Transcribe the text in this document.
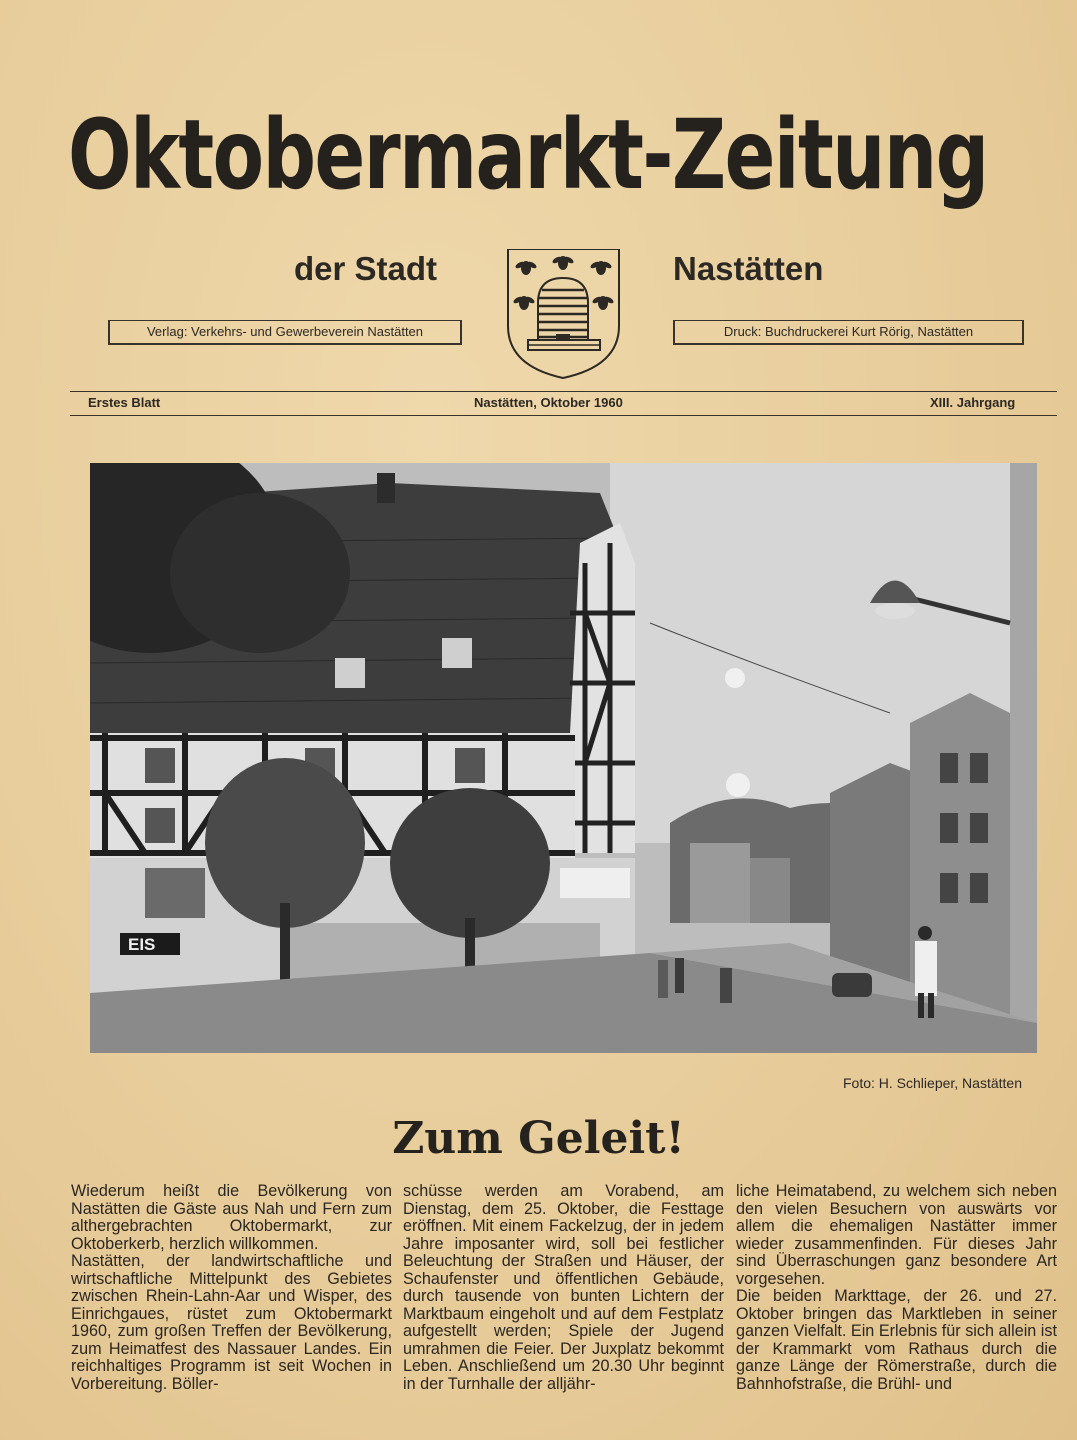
Oktobermarkt-Zeitung
der Stadt	Nastätten
Verlag: Verkehrs- und Gewerbeverein Nastätten	Druck: Buchdruckerei Kurt Rörig, Nastätten
Erstes Blatt	Nastätten, Oktober 1960	XIII. Jahrgang
EIS
Foto: H. Schlieper, Nastätten
Zum Geleit!

Wiederum heißt die Bevölkerung von Nastätten die Gäste aus Nah und Fern zum althergebrachten Oktobermarkt, zur Oktoberkerb, herzlich willkommen.

Nastätten, der landwirtschaftliche und wirtschaftliche Mittelpunkt des Gebietes zwischen Rhein-Lahn-Aar und Wisper, des Einrichgaues, rüstet zum Oktobermarkt 1960, zum großen Treffen der Bevölkerung, zum Heimatfest des Nassauer Landes. Ein reichhaltiges Programm ist seit Wochen in Vorbereitung. Böller-

schüsse werden am Vorabend, am Dienstag, dem 25. Oktober, die Festtage eröffnen. Mit einem Fackelzug, der in jedem Jahre imposanter wird, soll bei festlicher Beleuchtung der Straßen und Häuser, der Schaufenster und öffentlichen Gebäude, durch tausende von bunten Lichtern der Marktbaum eingeholt und auf dem Festplatz aufgestellt werden; Spiele der Jugend umrahmen die Feier. Der Juxplatz bekommt Leben. Anschließend um 20.30 Uhr beginnt in der Turnhalle der alljähr-

liche Heimatabend, zu welchem sich neben den vielen Besuchern von auswärts vor allem die ehemaligen Nastätter immer wieder zusammenfinden. Für dieses Jahr sind Überraschungen ganz besondere Art vorgesehen.

Die beiden Markttage, der 26. und 27. Oktober bringen das Marktleben in seiner ganzen Vielfalt. Ein Erlebnis für sich allein ist der Krammarkt vom Rathaus durch die ganze Länge der Römerstraße, durch die Bahnhofstraße, die Brühl- und
